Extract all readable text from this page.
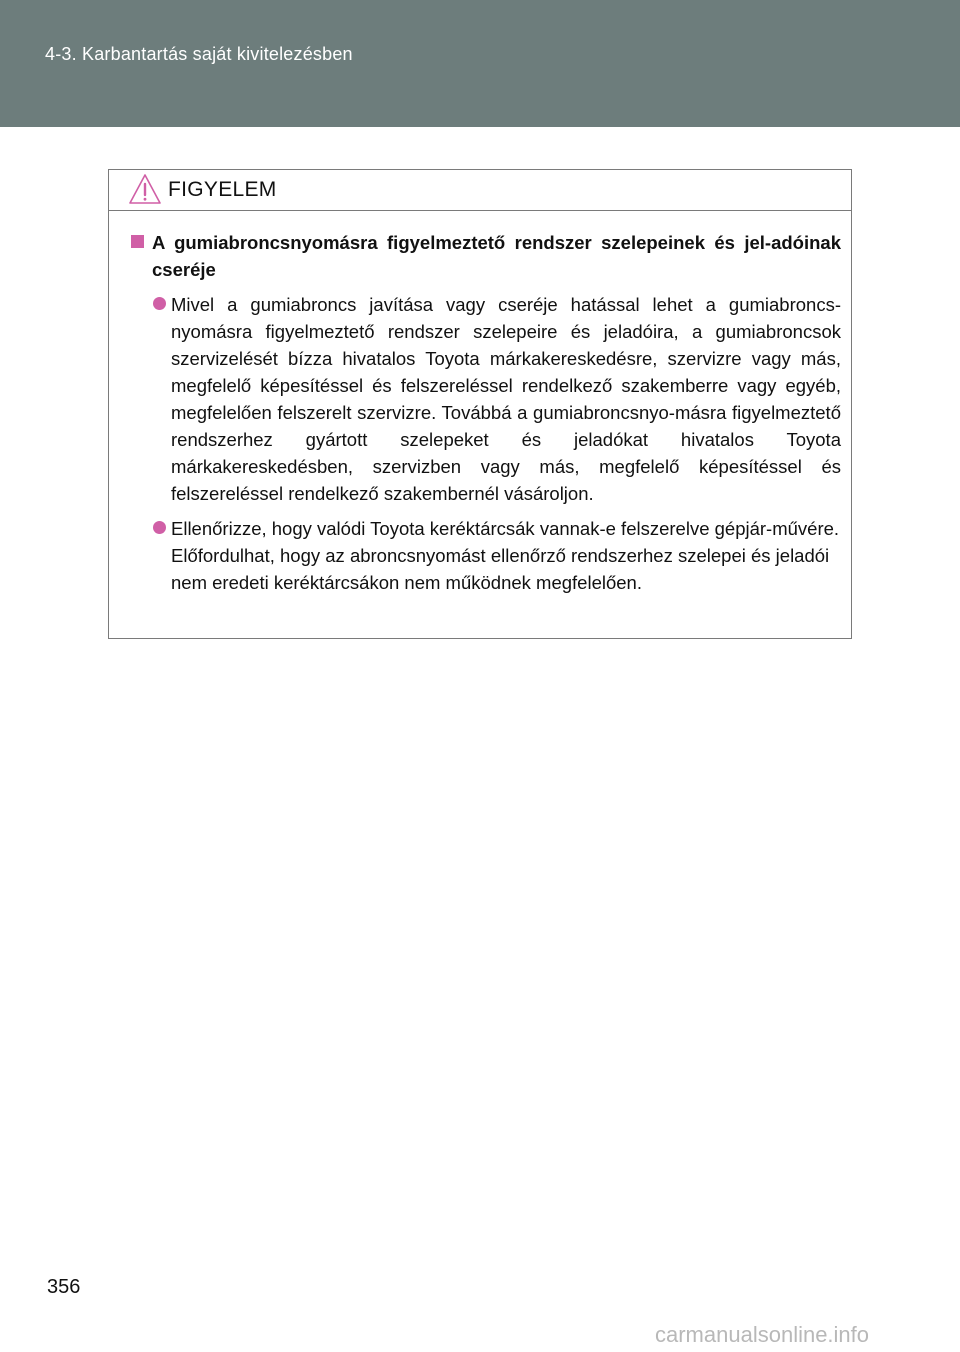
4-3. Karbantartás saját kivitelezésben
FIGYELEM

A gumiabroncsnyomásra figyelmeztető rendszer szelepeinek és jel-adóinak cseréje

Mivel a gumiabroncs javítása vagy cseréje hatással lehet a gumiabroncs-nyomásra figyelmeztető rendszer szelepeire és jeladóira, a gumiabroncsok szervizelését bízza hivatalos Toyota márkakereskedésre, szervizre vagy más, megfelelő képesítéssel és felszereléssel rendelkező szakemberre vagy egyéb, megfelelően felszerelt szervizre. Továbbá a gumiabroncsnyo-másra figyelmeztető rendszerhez gyártott szelepeket és jeladókat hivatalos Toyota márkakereskedésben, szervizben vagy más, megfelelő képesítéssel és felszereléssel rendelkező szakembernél vásároljon.

Ellenőrizze, hogy valódi Toyota keréktárcsák vannak-e felszerelve gépjár-művére.
Előfordulhat, hogy az abroncsnyomást ellenőrző rendszerhez szelepei és jeladói nem eredeti keréktárcsákon nem működnek megfelelően.

356
carmanualsonline.info
